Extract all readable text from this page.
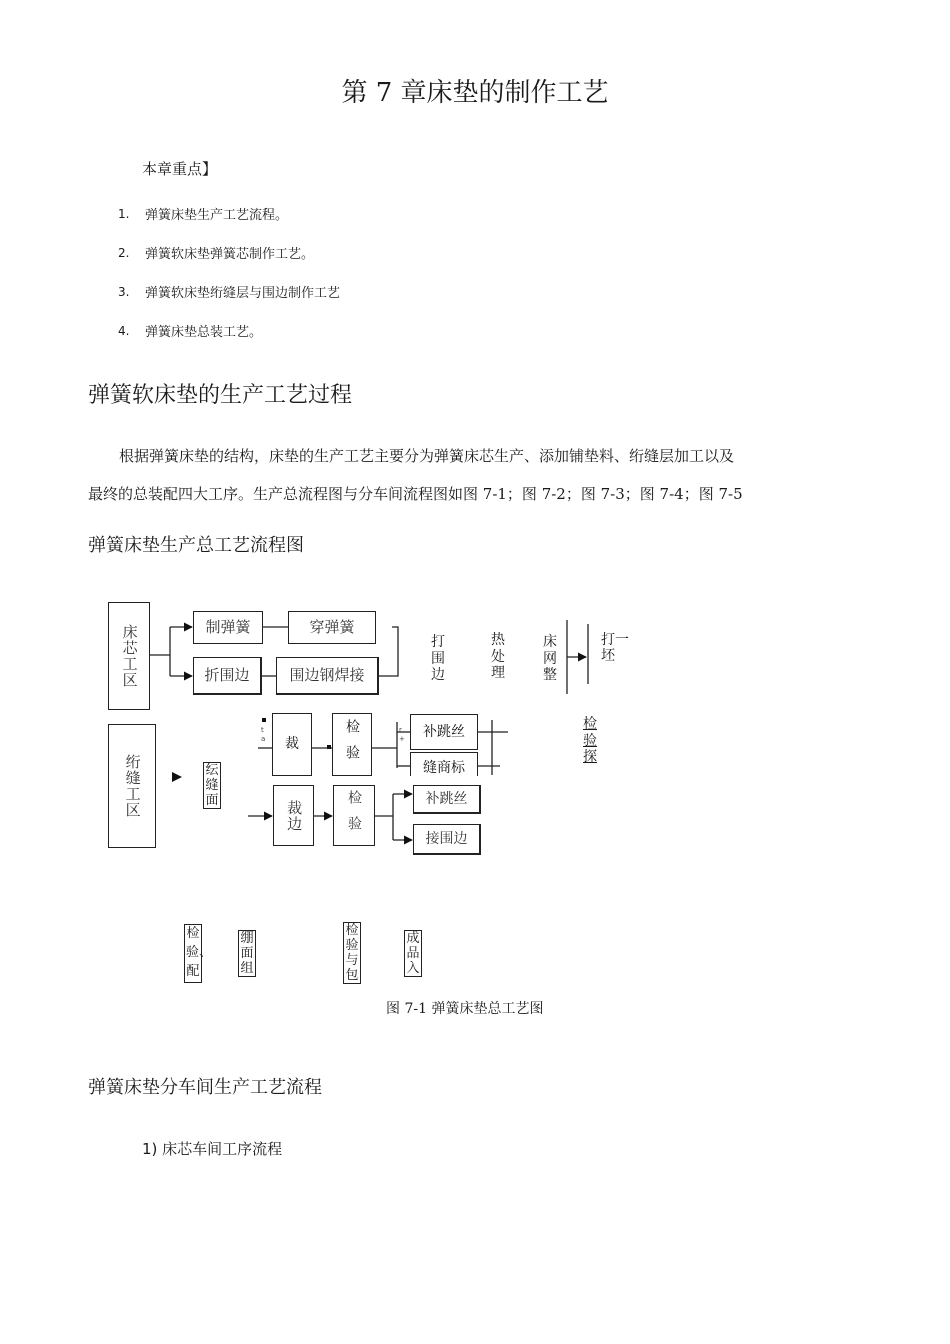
第 7 章床垫的制作工艺
本章重点】
1. 弹簧床垫生产工艺流程。
2. 弹簧软床垫弹簧芯制作工艺。
3. 弹簧软床垫绗缝层与围边制作工艺
4. 弹簧床垫总装工艺。
弹簧软床垫的生产工艺过程
根据弹簧床垫的结构，床垫的生产工艺主要分为弹簧床芯生产、添加铺垫料、绗缝层加工以及
最终的总装配四大工序。生产总流程图与分车间流程图如图 7-1；图 7-2；图 7-3；图 7-4；图 7-5
弹簧床垫生产总工艺流程图
床芯工区	制弹簧	穿弹簧
折围边	围边钢焊接
打围边
热处理
床网整
打一坯
绗缝工区	纭缝面
t
a
r
+
裁	检验	补跳丝
缝商标
检验探
裁边	检验	补跳丝
接围边
检验、配
绷面组
检验与包
成品入
图 7-1 弹簧床垫总工艺图
弹簧床垫分车间生产工艺流程
1) 床芯车间工序流程
